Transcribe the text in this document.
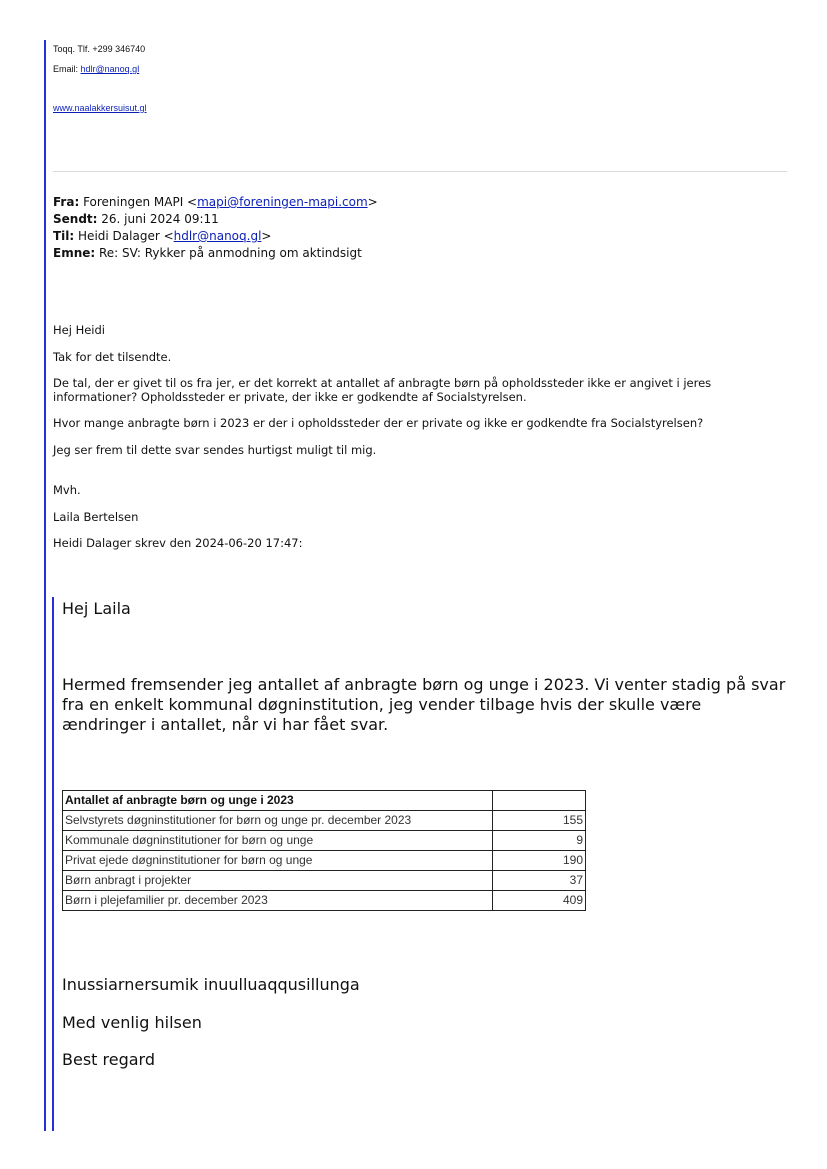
Toqq. Tlf. +299 346740
Email: hdlr@nanoq.gl
www.naalakkersuisut.gl
Fra: Foreningen MAPI <mapi@foreningen-mapi.com>
Sendt: 26. juni 2024 09:11
Til: Heidi Dalager <hdlr@nanoq.gl>
Emne: Re: SV: Rykker på anmodning om aktindsigt

Hej Heidi

Tak for det tilsendte.

De tal, der er givet til os fra jer, er det korrekt at antallet af anbragte børn på opholdssteder ikke er angivet i jeres informationer? Opholdssteder er private, der ikke er godkendte af Socialstyrelsen.

Hvor mange anbragte børn i 2023 er der i opholdssteder der er private og ikke er godkendte fra Socialstyrelsen?

Jeg ser frem til dette svar sendes hurtigst muligt til mig.

Mvh.

Laila Bertelsen

Heidi Dalager skrev den 2024-06-20 17:47:

Hej Laila
Hermed fremsender jeg antallet af anbragte børn og unge i 2023. Vi venter stadig på svar fra en enkelt kommunal døgninstitution, jeg vender tilbage hvis der skulle være ændringer i antallet, når vi har fået svar.
Antallet af anbragte børn og unge i 2023	
Selvstyrets døgninstitutioner for børn og unge pr. december 2023	155
Kommunale døgninstitutioner for børn og unge	9
Privat ejede døgninstitutioner for børn og unge	190
Børn anbragt i projekter	37
Børn i plejefamilier pr. december 2023	409
Inussiarnersumik inuulluaqqusillunga
Med venlig hilsen
Best regard
